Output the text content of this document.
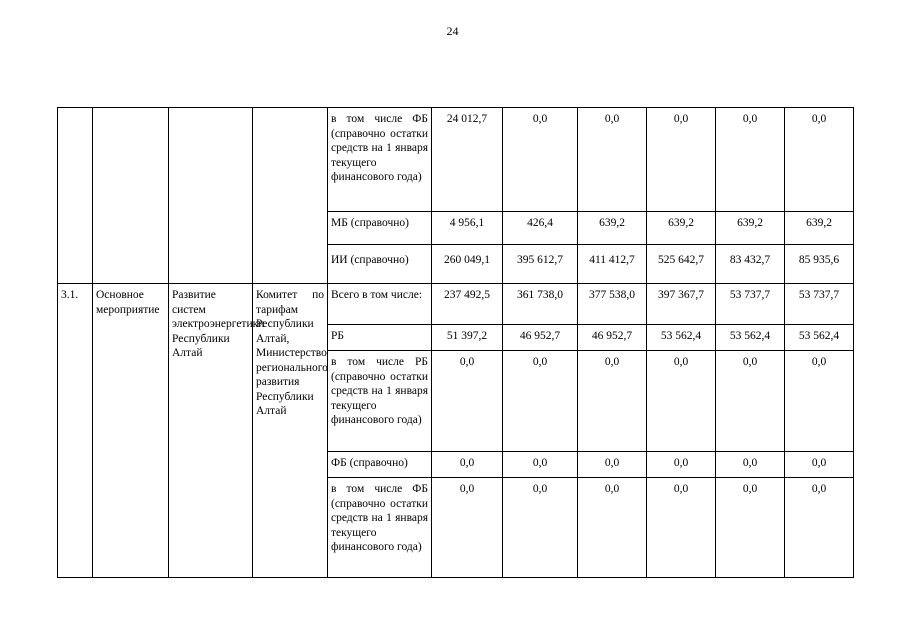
24
				в том числе ФБ (справочно остатки средств на 1 января текущего финансового года)	24 012,7	0,0	0,0	0,0	0,0	0,0
				МБ (справочно)	4 956,1	426,4	639,2	639,2	639,2	639,2
				ИИ (справочно)	260 049,1	395 612,7	411 412,7	525 642,7	83 432,7	85 935,6
3.1.	Основное мероприятие	Развитие систем электроэнергетики Республики Алтай	Комитет по тарифам Республики Алтай, Министерство регионального развития Республики Алтай	Всего в том числе:	237 492,5	361 738,0	377 538,0	397 367,7	53 737,7	53 737,7
				РБ	51 397,2	46 952,7	46 952,7	53 562,4	53 562,4	53 562,4
				в том числе РБ (справочно остатки средств на 1 января текущего финансового года)	0,0	0,0	0,0	0,0	0,0	0,0
				ФБ (справочно)	0,0	0,0	0,0	0,0	0,0	0,0
				в том числе ФБ (справочно остатки средств на 1 января текущего финансового года)	0,0	0,0	0,0	0,0	0,0	0,0
